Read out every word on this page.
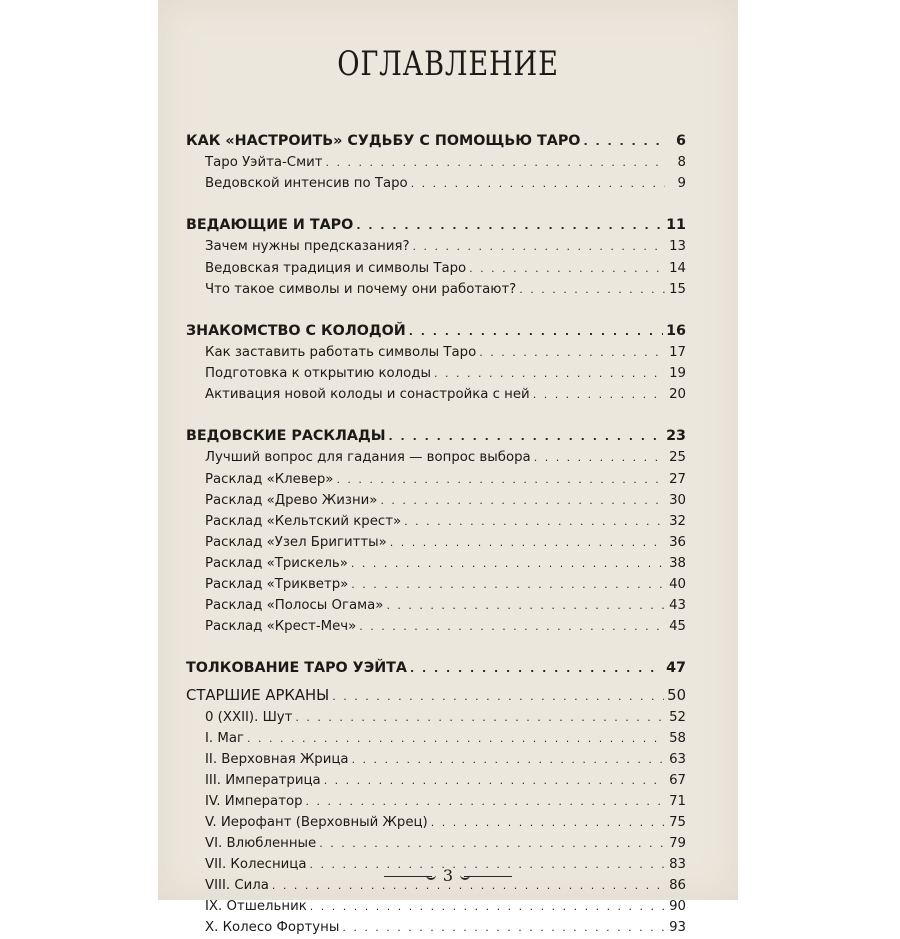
ОГЛАВЛЕНИЕ
КАК «НАСТРОИТЬ» СУДЬБУ С ПОМОЩЬЮ ТАРО . . .	6
Таро Уэйта-Смит . . .	8
Ведовской интенсив по Таро . . .	9
ВЕДАЮЩИЕ И ТАРО . . .	11
Зачем нужны предсказания? . . .	13
Ведовская традиция и символы Таро . . .	14
Что такое символы и почему они работают? . . .	15
ЗНАКОМСТВО С КОЛОДОЙ . . .	16
Как заставить работать символы Таро . . .	17
Подготовка к открытию колоды . . .	19
Активация новой колоды и сонастройка с ней . . .	20
ВЕДОВСКИЕ РАСКЛАДЫ . . .	23
Лучший вопрос для гадания — вопрос выбора . . .	25
Расклад «Клевер» . . .	27
Расклад «Древо Жизни» . . .	30
Расклад «Кельтский крест» . . .	32
Расклад «Узел Бригитты» . . .	36
Расклад «Трискель» . . .	38
Расклад «Трикветр» . . .	40
Расклад «Полосы Огама» . . .	43
Расклад «Крест-Меч» . . .	45
ТОЛКОВАНИЕ ТАРО УЭЙТА . . .	47
СТАРШИЕ АРКАНЫ . . .	50
0 (XXII). Шут . . .	52
I. Маг . . .	58
II. Верховная Жрица . . .	63
III. Императрица . . .	67
IV. Император . . .	71
V. Иерофант (Верховный Жрец) . . .	75
VI. Влюбленные . . .	79
VII. Колесница . . .	83
VIII. Сила . . .	86
IX. Отшельник . . .	90
X. Колесо Фортуны . . .	93
3
